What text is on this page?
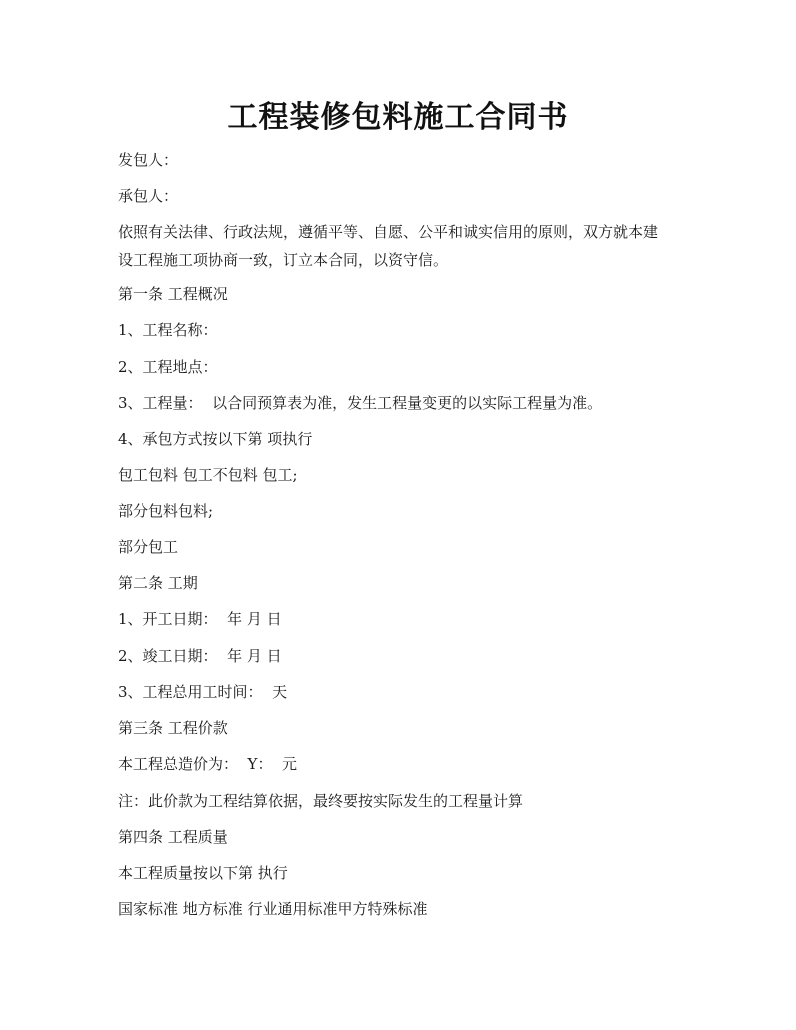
工程装修包料施工合同书
发包人：
承包人：
依照有关法律、行政法规，遵循平等、自愿、公平和诚实信用的原则，双方就本建
设工程施工项协商一致，订立本合同，以资守信。
第一条 工程概况
1、工程名称：
2、工程地点：
3、工程量：  以合同预算表为准，发生工程量变更的以实际工程量为准。
4、承包方式按以下第 项执行
包工包料 包工不包料 包工;
部分包料包料;
部分包工
第二条 工期
1、开工日期：  年 月 日
2、竣工日期：  年 月 日
3、工程总用工时间：  天
第三条 工程价款
本工程总造价为：  Y：  元
注：此价款为工程结算依据，最终要按实际发生的工程量计算
第四条 工程质量
本工程质量按以下第 执行
国家标准 地方标准 行业通用标准甲方特殊标准
